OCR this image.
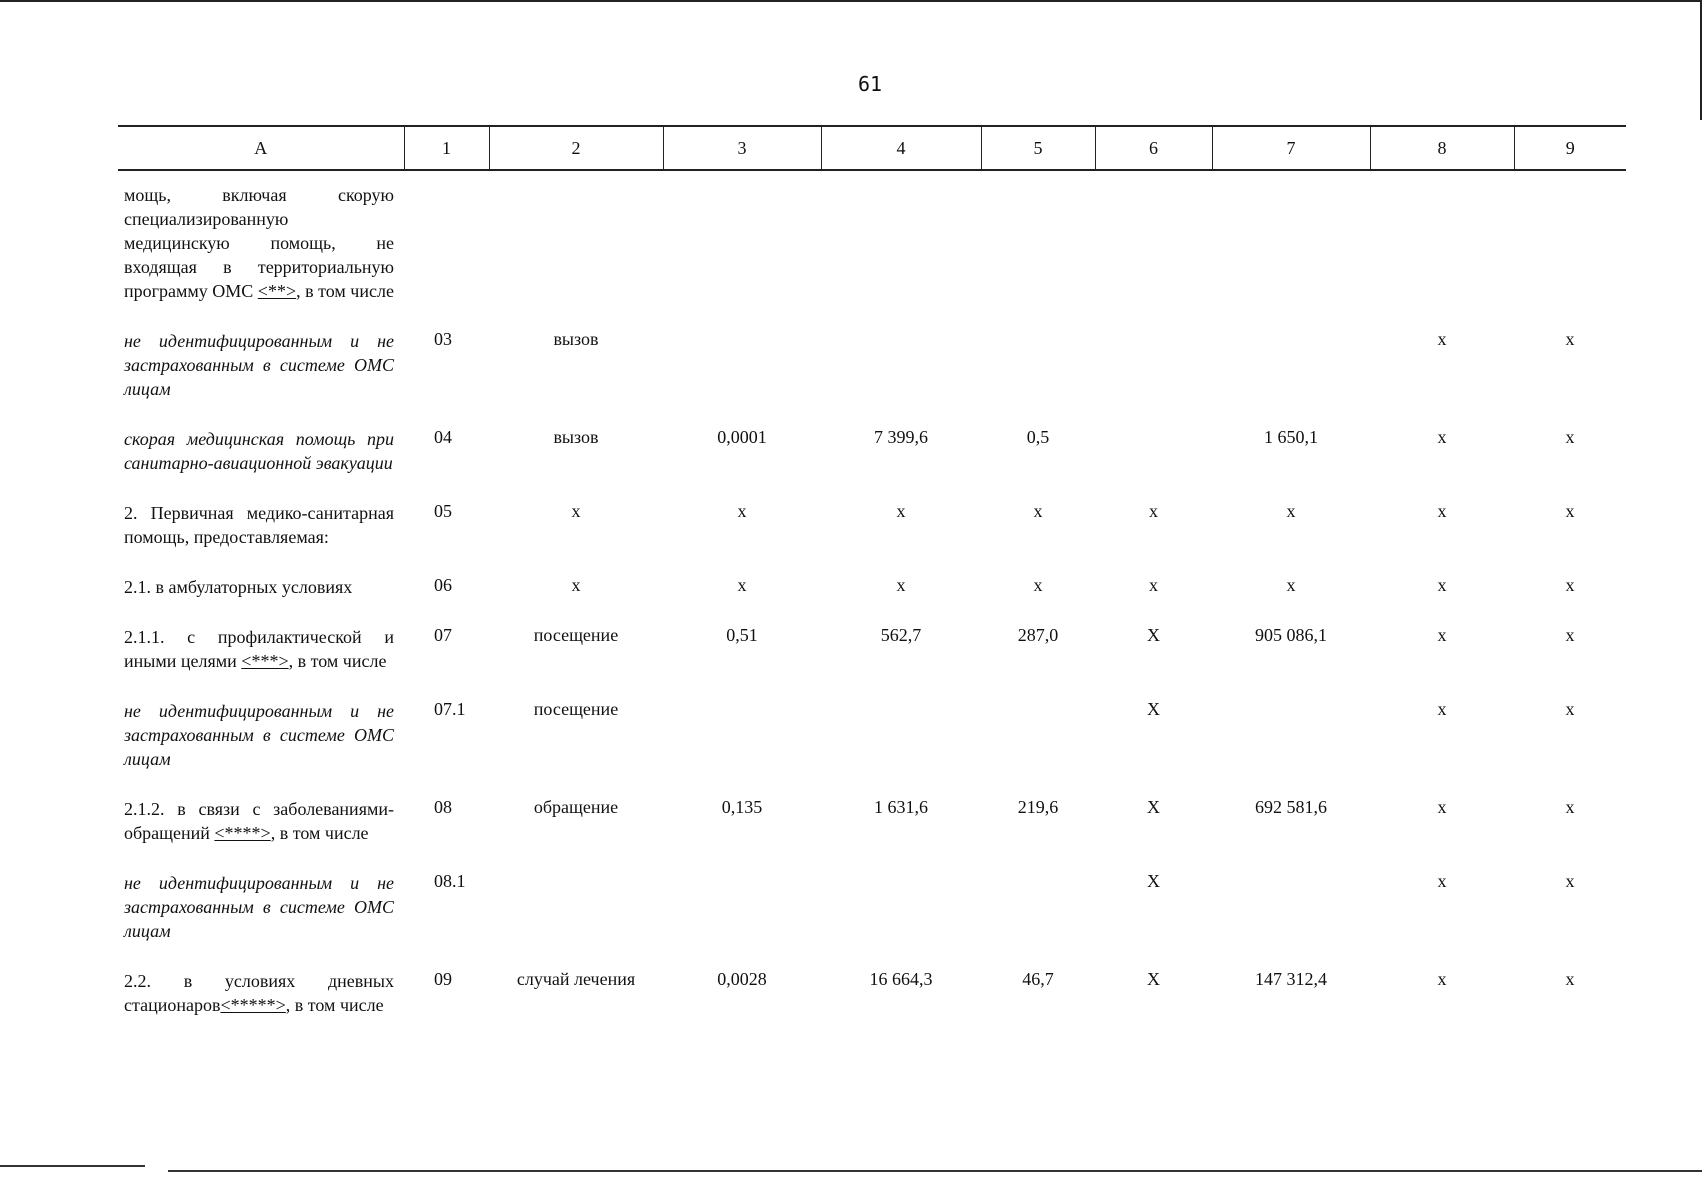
61
А	1	2	3	4	5	6	7	8	9
мощь, включая скорую специализированную медицинскую помощь, не входящая в территориальную программу ОМС <**>, в том числе									
не идентифицированным и не застрахованным в системе ОМС лицам	03	вызов						х	х
скорая медицинская помощь при санитарно-авиационной эвакуации	04	вызов	0,0001	7 399,6	0,5		1 650,1	х	х
2. Первичная медико-санитарная помощь, предоставляемая:	05	х	х	х	х	х	х	х	х
2.1. в амбулаторных условиях	06	х	х	х	х	х	х	х	х
2.1.1. с профилактической и иными целями <***>, в том числе	07	посещение	0,51	562,7	287,0	Х	905 086,1	х	х
не идентифицированным и не застрахованным в системе ОМС лицам	07.1	посещение				Х		х	х
2.1.2. в связи с заболеваниями-обращений <****>, в том числе	08	обращение	0,135	1 631,6	219,6	Х	692 581,6	х	х
не идентифицированным и не застрахованным в системе ОМС лицам	08.1					Х		х	х
2.2. в условиях дневных стационаров<*****>, в том числе	09	случай лечения	0,0028	16 664,3	46,7	Х	147 312,4	х	х
